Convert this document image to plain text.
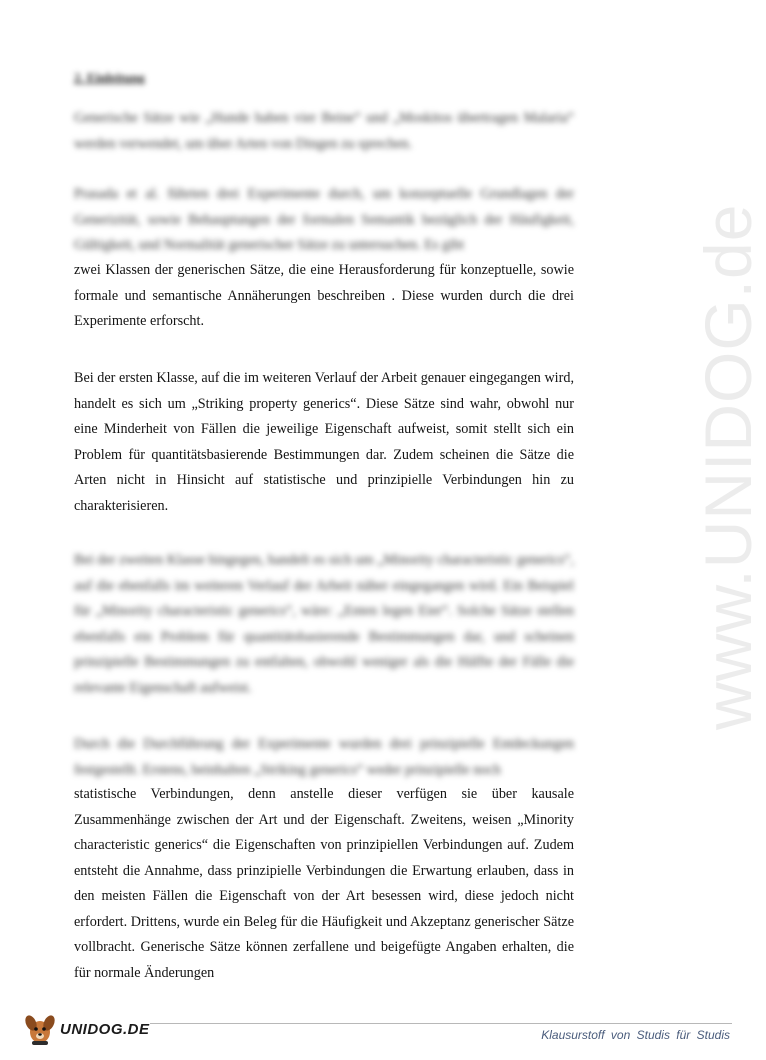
2. Einleitung

Generische Sätze wie „Hunde haben vier Beine“ und „Moskitos übertragen Malaria“ werden verwendet, um über Arten von Dingen zu sprechen.

Prasada et al. führten drei Experimente durch, um konzeptuelle Grundlagen der Generizität, sowie Behauptungen der formalen Semantik bezüglich der Häufigkeit, Gültigkeit, und Normalität generischer Sätze zu untersuchen. Es gibt

zwei Klassen der generischen Sätze, die eine Herausforderung für konzeptuelle, sowie formale und semantische Annäherungen beschreiben . Diese wurden durch die drei Experimente erforscht.

Bei der ersten Klasse, auf die im weiteren Verlauf der Arbeit genauer eingegangen wird, handelt es sich um „Striking property generics“. Diese Sätze sind wahr, obwohl nur eine Minderheit von Fällen die jeweilige Eigenschaft aufweist, somit stellt sich ein Problem für quantitätsbasierende Bestimmungen dar. Zudem scheinen die Sätze die Arten nicht in Hinsicht auf statistische und prinzipielle Verbindungen hin zu charakterisieren.

Bei der zweiten Klasse hingegen, handelt es sich um „Minority characteristic generics“, auf die ebenfalls im weiteren Verlauf der Arbeit näher eingegangen wird. Ein Beispiel für „Minority characteristic generics“, wäre: „Enten legen Eier“. Solche Sätze stellen ebenfalls ein Problem für quantitätsbasierende Bestimmungen dar, und scheinen prinzipielle Bestimmungen zu entfalten, obwohl weniger als die Hälfte der Fälle die relevante Eigenschaft aufweist.

Durch die Durchführung der Experimente wurden drei prinzipielle Entdeckungen festgestellt. Erstens, beinhalten „Striking generics“ weder prinzipielle noch

statistische Verbindungen, denn anstelle dieser verfügen sie über kausale Zusammenhänge zwischen der Art und der Eigenschaft. Zweitens, weisen „Minority characteristic generics“ die Eigenschaften von prinzipiellen Verbindungen auf. Zudem entsteht die Annahme, dass prinzipielle Verbindungen die Erwartung erlauben, dass in den meisten Fällen die Eigenschaft von der Art besessen wird, diese jedoch nicht erfordert. Drittens, wurde ein Beleg für die Häufigkeit und Akzeptanz generischer Sätze vollbracht. Generische Sätze können zerfallene und beigefügte Angaben erhalten, die für normale Änderungen

www.UNIDOG.de
UNIDOG.DE	Klausurstoff von Studis für Studis
